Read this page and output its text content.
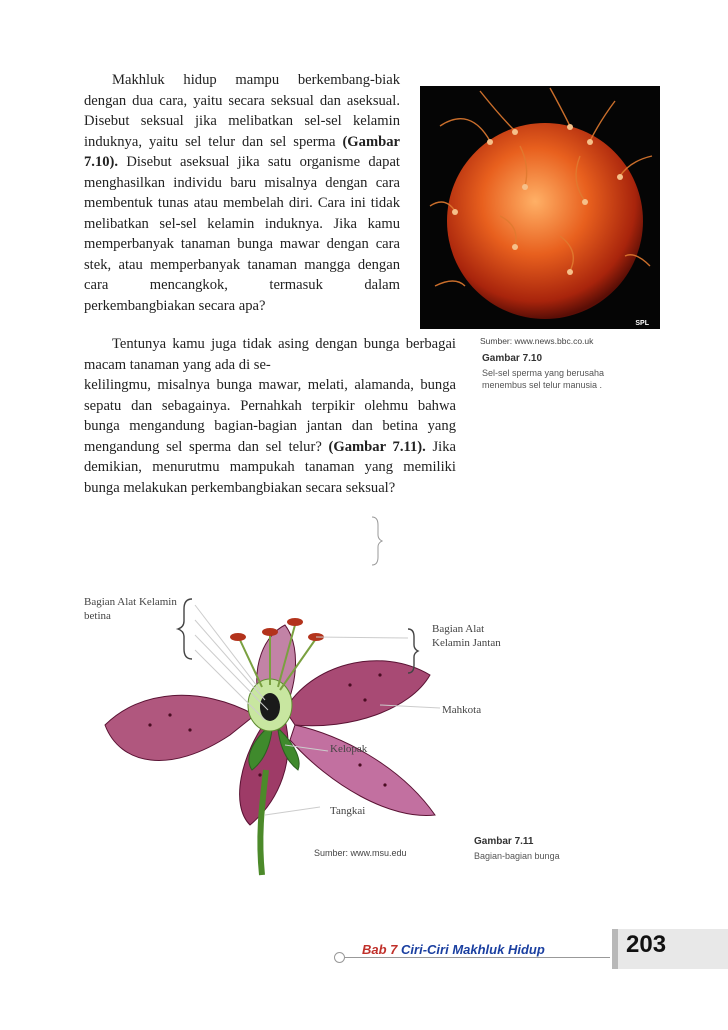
Makhluk hidup mampu berkembang-biak dengan dua cara, yaitu secara seksual dan aseksual. Disebut seksual jika melibatkan sel-sel kelamin induknya, yaitu sel telur dan sel sperma (Gambar 7.10). Disebut aseksual jika satu organisme dapat menghasilkan individu baru misalnya dengan cara membentuk tunas atau membelah diri. Cara ini tidak melibatkan sel-sel kelamin induknya. Jika kamu memperbanyak tanaman bunga mawar dengan cara stek, atau memperbanyak tanaman mangga dengan cara mencangkok, termasuk dalam perkembangbiakan secara apa?
Tentunya kamu juga tidak asing dengan bunga berbagai macam tanaman yang ada di se-
kelilingmu, misalnya bunga mawar, melati, alamanda, bunga sepatu dan sebagainya. Pernahkah terpikir olehmu bahwa bunga mengandung bagian-bagian jantan dan betina yang mengandung sel sperma dan sel telur? (Gambar 7.11). Jika demikian, menurutmu mampukah tanaman yang memiliki bunga melakukan perkembangbiakan secara seksual?
SPL
Sumber: www.news.bbc.co.uk
Gambar 7.10
Sel-sel sperma yang berusaha menembus sel telur manusia .
Bagian Alat Kelamin betina
Bagian Alat Kelamin Jantan
Mahkota
Kelopak
Tangkai
Sumber: www.msu.edu
Gambar 7.11
Bagian-bagian bunga
Bab 7 Ciri-Ciri Makhluk Hidup	203
